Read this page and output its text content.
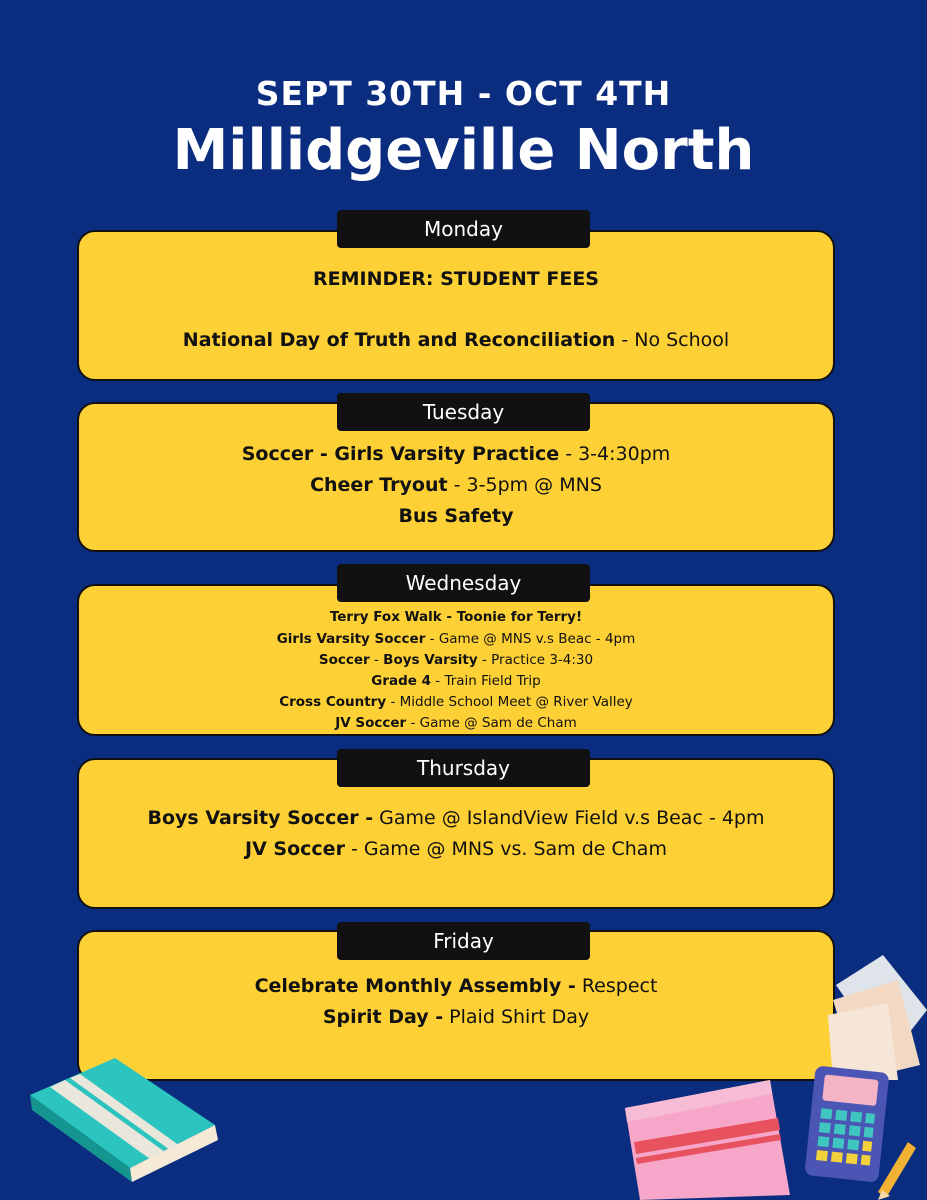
SEPT 30TH - OCT 4TH
Millidgeville North
REMINDER: STUDENT FEES
National Day of Truth and Reconciliation - No School
Monday
Soccer - Girls Varsity Practice - 3-4:30pm
Cheer Tryout - 3-5pm @ MNS
Bus Safety
Tuesday
Terry Fox Walk - Toonie for Terry!
Girls Varsity Soccer - Game @ MNS v.s Beac - 4pm
Soccer - Boys Varsity - Practice 3-4:30
Grade 4 - Train Field Trip
Cross Country - Middle School Meet @ River Valley
JV Soccer - Game @ Sam de Cham
Wednesday
Boys Varsity Soccer - Game @ IslandView Field v.s Beac - 4pm
JV Soccer - Game @ MNS vs. Sam de Cham
Thursday
Celebrate Monthly Assembly - Respect
Spirit Day - Plaid Shirt Day
Friday
